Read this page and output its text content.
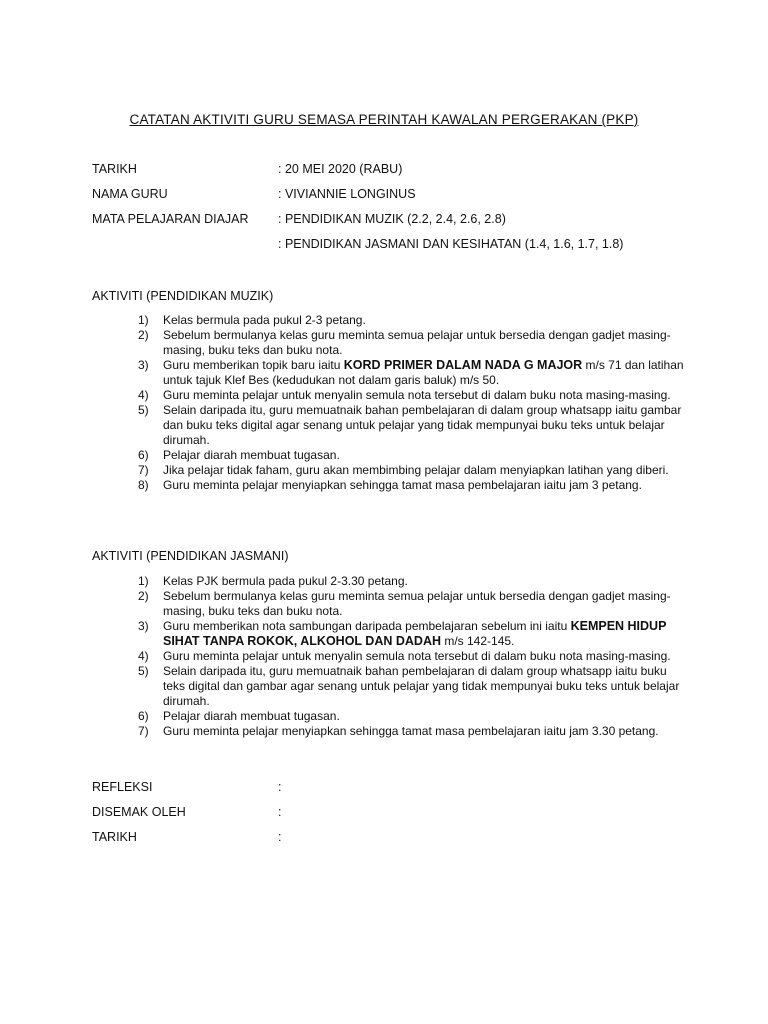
CATATAN AKTIVITI GURU SEMASA PERINTAH KAWALAN PERGERAKAN (PKP)
TARIKH	: 20 MEI 2020 (RABU)
NAMA GURU	: VIVIANNIE LONGINUS
MATA PELAJARAN DIAJAR : PENDIDIKAN MUZIK (2.2, 2.4, 2.6, 2.8)
: PENDIDIKAN JASMANI DAN KESIHATAN (1.4, 1.6, 1.7, 1.8)
AKTIVITI (PENDIDIKAN MUZIK)
1) Kelas bermula pada pukul 2-3 petang.
2) Sebelum bermulanya kelas guru meminta semua pelajar untuk bersedia dengan gadjet masing-masing, buku teks dan buku nota.
3) Guru memberikan topik baru iaitu KORD PRIMER DALAM NADA G MAJOR m/s 71 dan latihan untuk tajuk Klef Bes (kedudukan not dalam garis baluk) m/s 50.
4) Guru meminta pelajar untuk menyalin semula nota tersebut di dalam buku nota masing-masing.
5) Selain daripada itu, guru memuatnaik bahan pembelajaran di dalam group whatsapp iaitu gambar dan buku teks digital agar senang untuk pelajar yang tidak mempunyai buku teks untuk belajar dirumah.
6) Pelajar diarah membuat tugasan.
7) Jika pelajar tidak faham, guru akan membimbing pelajar dalam menyiapkan latihan yang diberi.
8) Guru meminta pelajar menyiapkan sehingga tamat masa pembelajaran iaitu jam 3 petang.
AKTIVITI (PENDIDIKAN JASMANI)
1) Kelas PJK bermula pada pukul 2-3.30 petang.
2) Sebelum bermulanya kelas guru meminta semua pelajar untuk bersedia dengan gadjet masing-masing, buku teks dan buku nota.
3) Guru memberikan nota sambungan daripada pembelajaran sebelum ini iaitu KEMPEN HIDUP SIHAT TANPA ROKOK, ALKOHOL DAN DADAH m/s 142-145.
4) Guru meminta pelajar untuk menyalin semula nota tersebut di dalam buku nota masing-masing.
5) Selain daripada itu, guru memuatnaik bahan pembelajaran di dalam group whatsapp iaitu buku teks digital dan gambar agar senang untuk pelajar yang tidak mempunyai buku teks untuk belajar dirumah.
6) Pelajar diarah membuat tugasan.
7) Guru meminta pelajar menyiapkan sehingga tamat masa pembelajaran iaitu jam 3.30 petang.
REFLEKSI	:
DISEMAK OLEH	:
TARIKH	:
